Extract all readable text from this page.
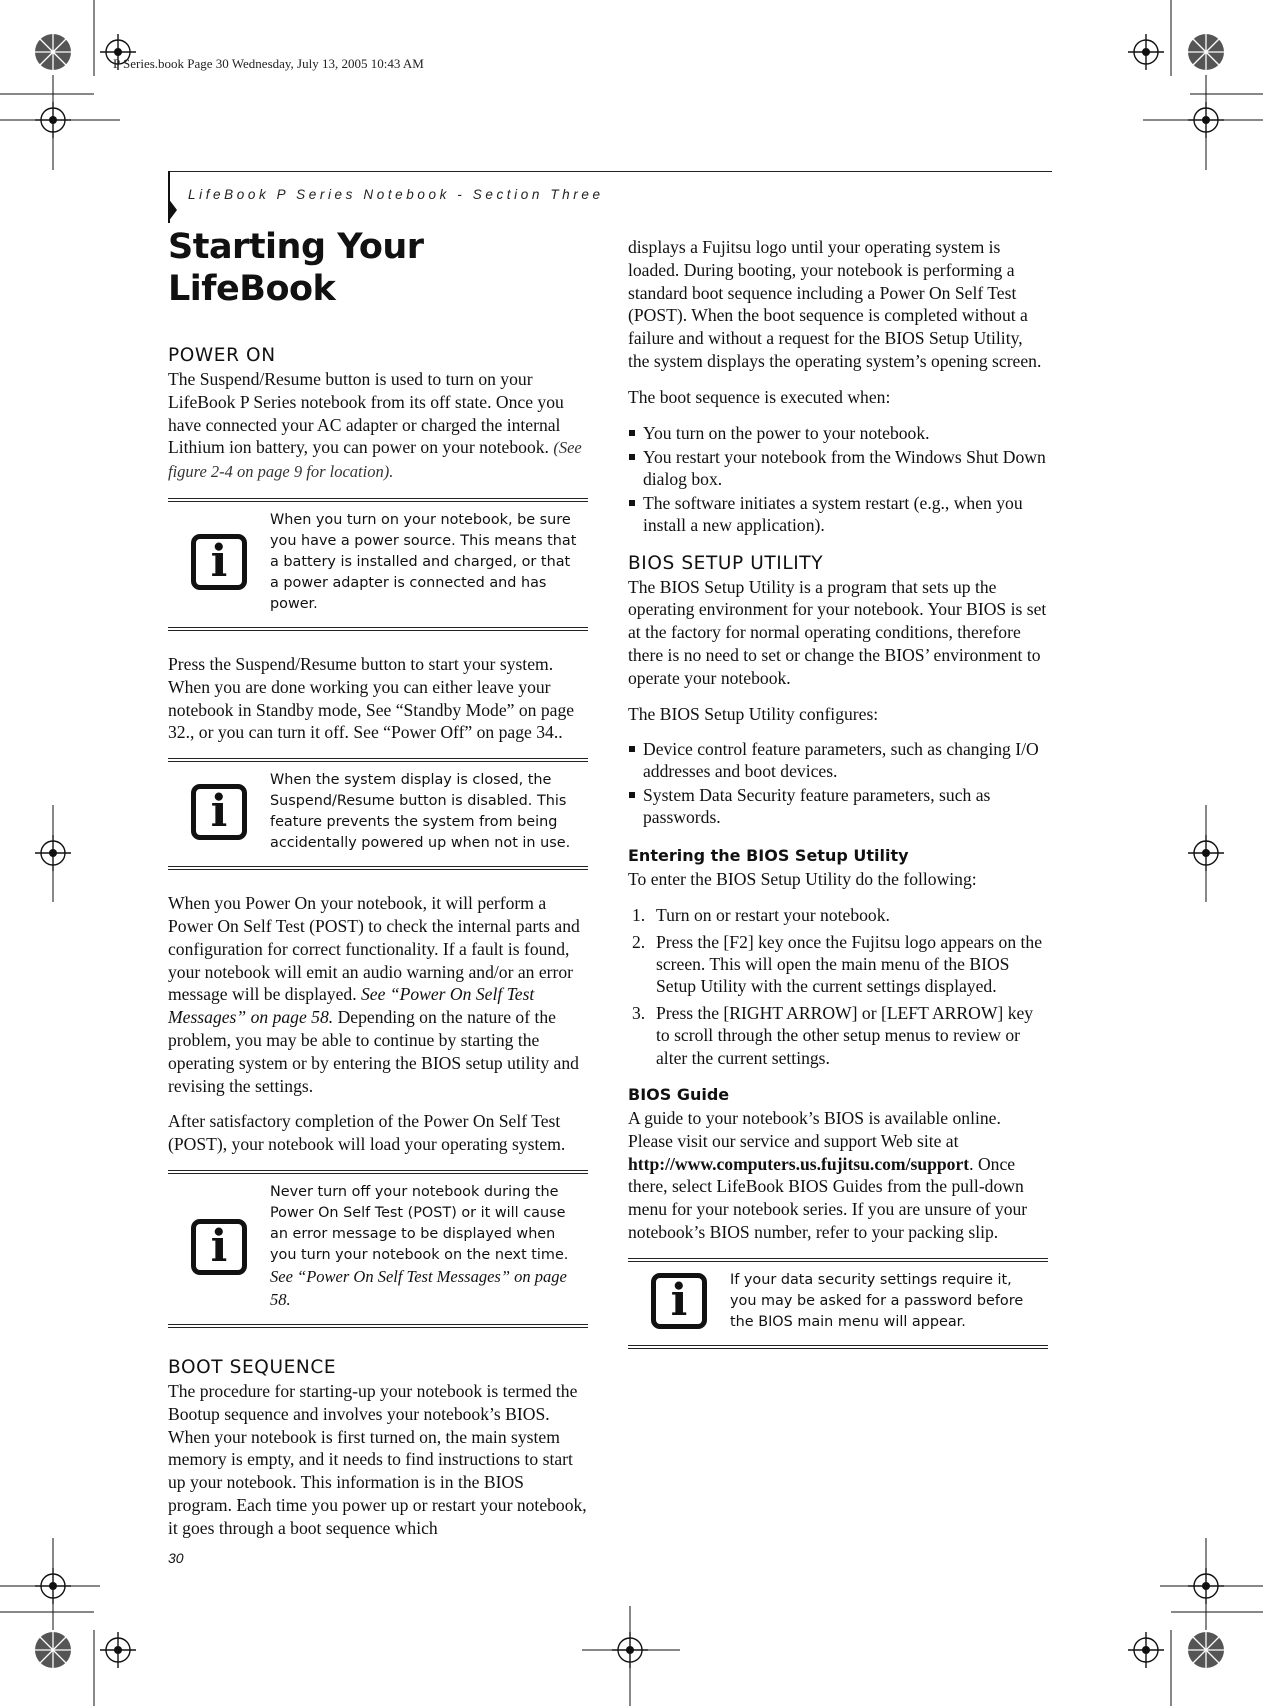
P Series.book Page 30 Wednesday, July 13, 2005 10:43 AM
LifeBook P Series Notebook - Section Three
Starting Your LifeBook
POWER ON

The Suspend/Resume button is used to turn on your LifeBook P Series notebook from its off state. Once you have connected your AC adapter or charged the internal Lithium ion battery, you can power on your notebook. (See figure 2-4 on page 9 for location).

i
When you turn on your notebook, be sure you have a power source. This means that a battery is installed and charged, or that a power adapter is connected and has power.

Press the Suspend/Resume button to start your system. When you are done working you can either leave your notebook in Standby mode, See “Standby Mode” on page 32., or you can turn it off. See “Power Off” on page 34..

i
When the system display is closed, the Suspend/Resume button is disabled. This feature prevents the system from being accidentally powered up when not in use.

When you Power On your notebook, it will perform a Power On Self Test (POST) to check the internal parts and configuration for correct functionality. If a fault is found, your notebook will emit an audio warning and/or an error message will be displayed. See “Power On Self Test Messages” on page 58. Depending on the nature of the problem, you may be able to continue by starting the operating system or by entering the BIOS setup utility and revising the settings.

After satisfactory completion of the Power On Self Test (POST), your notebook will load your operating system.

i
Never turn off your notebook during the Power On Self Test (POST) or it will cause an error message to be displayed when you turn your notebook on the next time.
See “Power On Self Test Messages” on page 58.
BOOT SEQUENCE

The procedure for starting-up your notebook is termed the Bootup sequence and involves your notebook’s BIOS. When your notebook is first turned on, the main system memory is empty, and it needs to find instructions to start up your notebook. This information is in the BIOS program. Each time you power up or restart your notebook, it goes through a boot sequence which

displays a Fujitsu logo until your operating system is loaded. During booting, your notebook is performing a standard boot sequence including a Power On Self Test (POST). When the boot sequence is completed without a failure and without a request for the BIOS Setup Utility, the system displays the operating system’s opening screen.

The boot sequence is executed when:

You turn on the power to your notebook.
You restart your notebook from the Windows Shut Down dialog box.
The software initiates a system restart (e.g., when you install a new application).
BIOS SETUP UTILITY

The BIOS Setup Utility is a program that sets up the operating environment for your notebook. Your BIOS is set at the factory for normal operating conditions, therefore there is no need to set or change the BIOS’ environment to operate your notebook.

The BIOS Setup Utility configures:

Device control feature parameters, such as changing I/O addresses and boot devices.
System Data Security feature parameters, such as passwords.
Entering the BIOS Setup Utility

To enter the BIOS Setup Utility do the following:

1. Turn on or restart your notebook.
2. Press the [F2] key once the Fujitsu logo appears on the screen. This will open the main menu of the BIOS Setup Utility with the current settings displayed.
3. Press the [RIGHT ARROW] or [LEFT ARROW] key to scroll through the other setup menus to review or alter the current settings.
BIOS Guide

A guide to your notebook’s BIOS is available online. Please visit our service and support Web site at http://www.computers.us.fujitsu.com/support. Once there, select LifeBook BIOS Guides from the pull-down menu for your notebook series. If you are unsure of your notebook’s BIOS number, refer to your packing slip.

i	If your data security settings require it, you may be asked for a password before the BIOS main menu will appear.
30
